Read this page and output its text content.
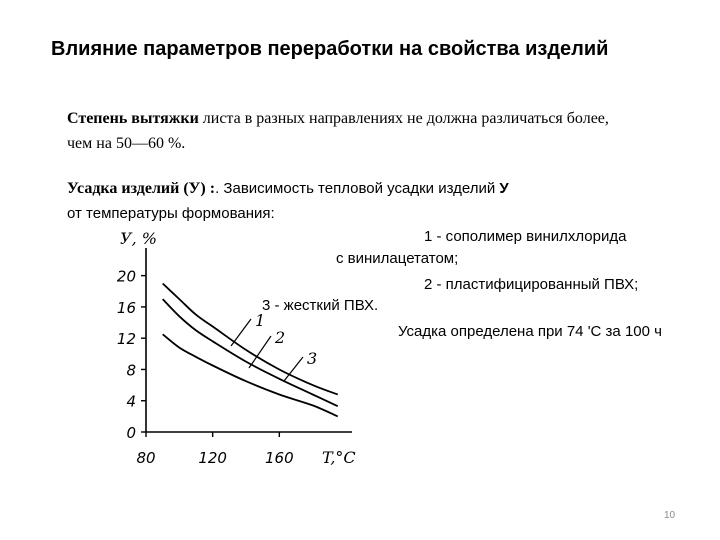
Влияние параметров переработки на свойства изделий
Степень вытяжки листа в разных направлениях не должна различаться более, чем на 50—60 %.
Усадка изделий (У) :. Зависимость тепловой усадки изделий У
от температуры формования:
0
4
8
12
16
20
80	120	160
У, %
T,°C
1
2
3
1 - сополимер винилхлорида
с винилацетатом;
2 - пластифицированный ПВХ;
3 - жесткий ПВХ.
Усадка определена при 74 'С за 100 ч
10
